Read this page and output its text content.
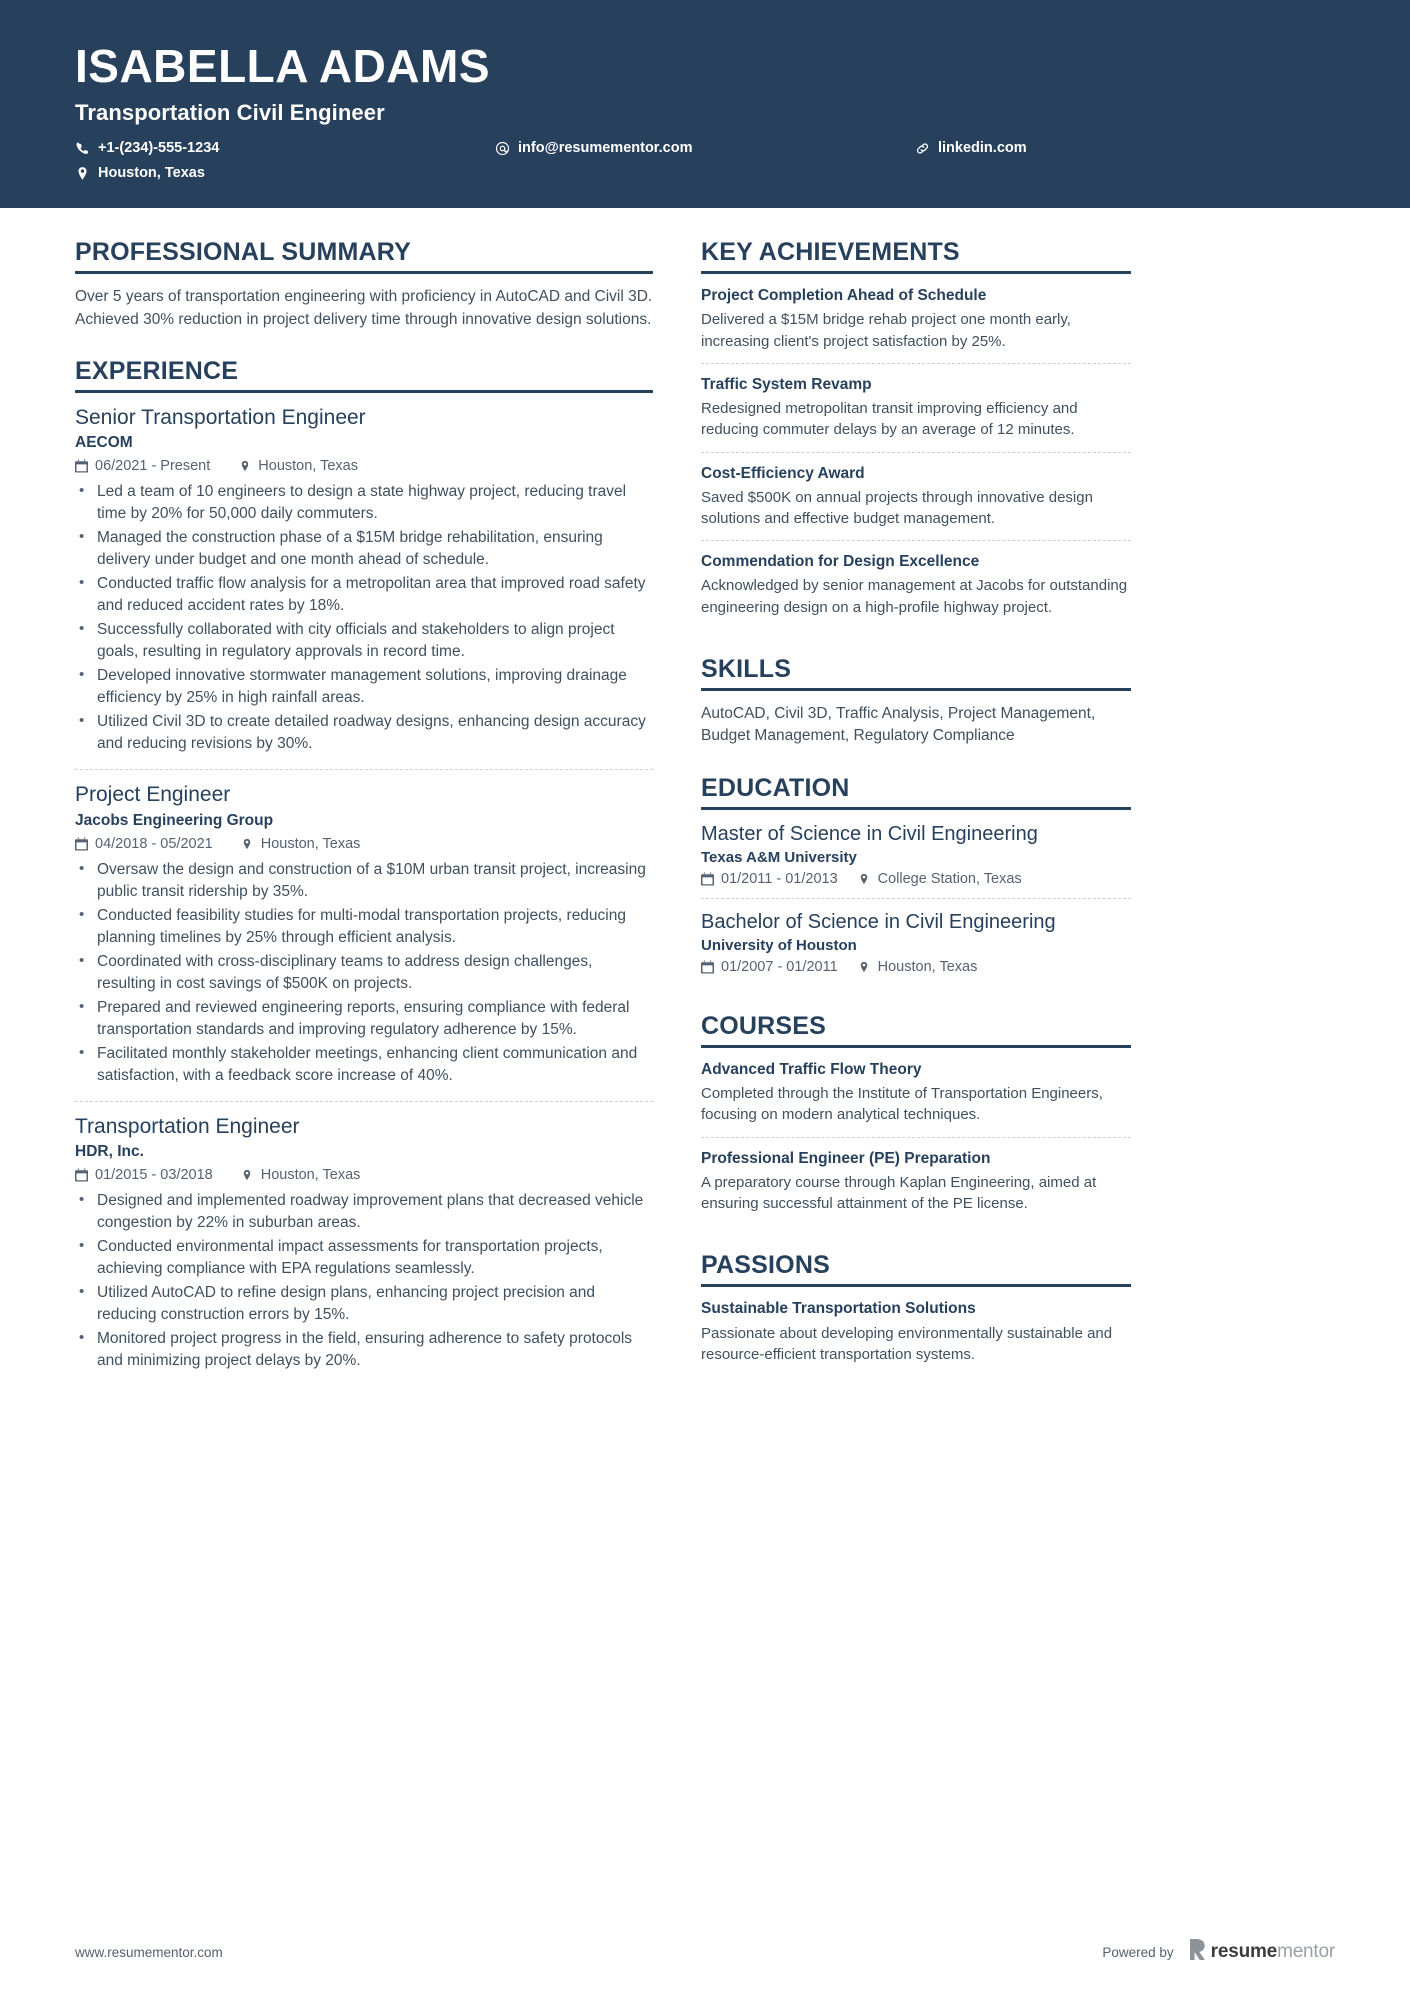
ISABELLA ADAMS
Transportation Civil Engineer
+1-(234)-555-1234	info@resumementor.com	linkedin.com
Houston, Texas
PROFESSIONAL SUMMARY
Over 5 years of transportation engineering with proficiency in AutoCAD and Civil 3D. Achieved 30% reduction in project delivery time through innovative design solutions.
EXPERIENCE
Senior Transportation Engineer
AECOM
06/2021 - Present	Houston, Texas
• Led a team of 10 engineers to design a state highway project, reducing travel time by 20% for 50,000 daily commuters.
• Managed the construction phase of a $15M bridge rehabilitation, ensuring delivery under budget and one month ahead of schedule.
• Conducted traffic flow analysis for a metropolitan area that improved road safety and reduced accident rates by 18%.
• Successfully collaborated with city officials and stakeholders to align project goals, resulting in regulatory approvals in record time.
• Developed innovative stormwater management solutions, improving drainage efficiency by 25% in high rainfall areas.
• Utilized Civil 3D to create detailed roadway designs, enhancing design accuracy and reducing revisions by 30%.
Project Engineer
Jacobs Engineering Group
04/2018 - 05/2021	Houston, Texas
• Oversaw the design and construction of a $10M urban transit project, increasing public transit ridership by 35%.
• Conducted feasibility studies for multi-modal transportation projects, reducing planning timelines by 25% through efficient analysis.
• Coordinated with cross-disciplinary teams to address design challenges, resulting in cost savings of $500K on projects.
• Prepared and reviewed engineering reports, ensuring compliance with federal transportation standards and improving regulatory adherence by 15%.
• Facilitated monthly stakeholder meetings, enhancing client communication and satisfaction, with a feedback score increase of 40%.
Transportation Engineer
HDR, Inc.
01/2015 - 03/2018	Houston, Texas
• Designed and implemented roadway improvement plans that decreased vehicle congestion by 22% in suburban areas.
• Conducted environmental impact assessments for transportation projects, achieving compliance with EPA regulations seamlessly.
• Utilized AutoCAD to refine design plans, enhancing project precision and reducing construction errors by 15%.
• Monitored project progress in the field, ensuring adherence to safety protocols and minimizing project delays by 20%.
KEY ACHIEVEMENTS
Project Completion Ahead of Schedule
Delivered a $15M bridge rehab project one month early, increasing client's project satisfaction by 25%.
Traffic System Revamp
Redesigned metropolitan transit improving efficiency and reducing commuter delays by an average of 12 minutes.
Cost-Efficiency Award
Saved $500K on annual projects through innovative design solutions and effective budget management.
Commendation for Design Excellence
Acknowledged by senior management at Jacobs for outstanding engineering design on a high-profile highway project.
SKILLS
AutoCAD, Civil 3D, Traffic Analysis, Project Management, Budget Management, Regulatory Compliance
EDUCATION
Master of Science in Civil Engineering
Texas A&M University
01/2011 - 01/2013	College Station, Texas
Bachelor of Science in Civil Engineering
University of Houston
01/2007 - 01/2011	Houston, Texas
COURSES
Advanced Traffic Flow Theory
Completed through the Institute of Transportation Engineers, focusing on modern analytical techniques.
Professional Engineer (PE) Preparation
A preparatory course through Kaplan Engineering, aimed at ensuring successful attainment of the PE license.
PASSIONS
Sustainable Transportation Solutions
Passionate about developing environmentally sustainable and resource-efficient transportation systems.
www.resumementor.com	Powered by resumementor
